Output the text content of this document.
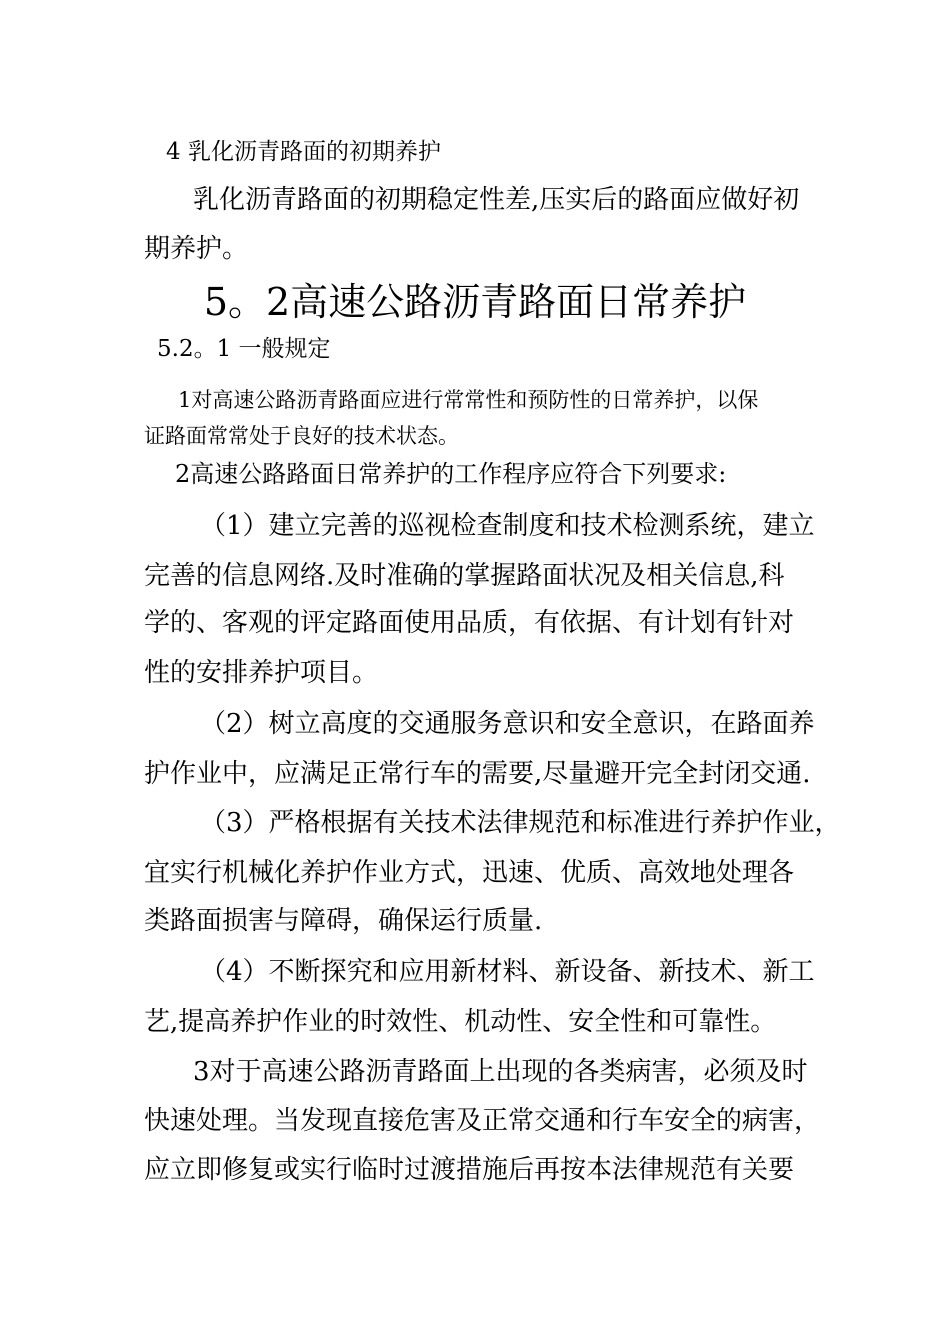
4 乳化沥青路面的初期养护
乳化沥青路面的初期稳定性差,压实后的路面应做好初
期养护。
5。2高速公路沥青路面日常养护
5.2。1 一般规定
1对高速公路沥青路面应进行常常性和预防性的日常养护，以保
证路面常常处于良好的技术状态。
2高速公路路面日常养护的工作程序应符合下列要求:
（1）建立完善的巡视检查制度和技术检测系统，建立
完善的信息网络.及时准确的掌握路面状况及相关信息,科
学的、客观的评定路面使用品质，有依据、有计划有针对
性的安排养护项目。
（2）树立高度的交通服务意识和安全意识，在路面养
护作业中，应满足正常行车的需要,尽量避开完全封闭交通.
（3）严格根据有关技术法律规范和标准进行养护作业，
宜实行机械化养护作业方式，迅速、优质、高效地处理各
类路面损害与障碍，确保运行质量.
（4）不断探究和应用新材料、新设备、新技术、新工
艺,提高养护作业的时效性、机动性、安全性和可靠性。
3对于高速公路沥青路面上出现的各类病害，必须及时
快速处理。当发现直接危害及正常交通和行车安全的病害，
应立即修复或实行临时过渡措施后再按本法律规范有关要
